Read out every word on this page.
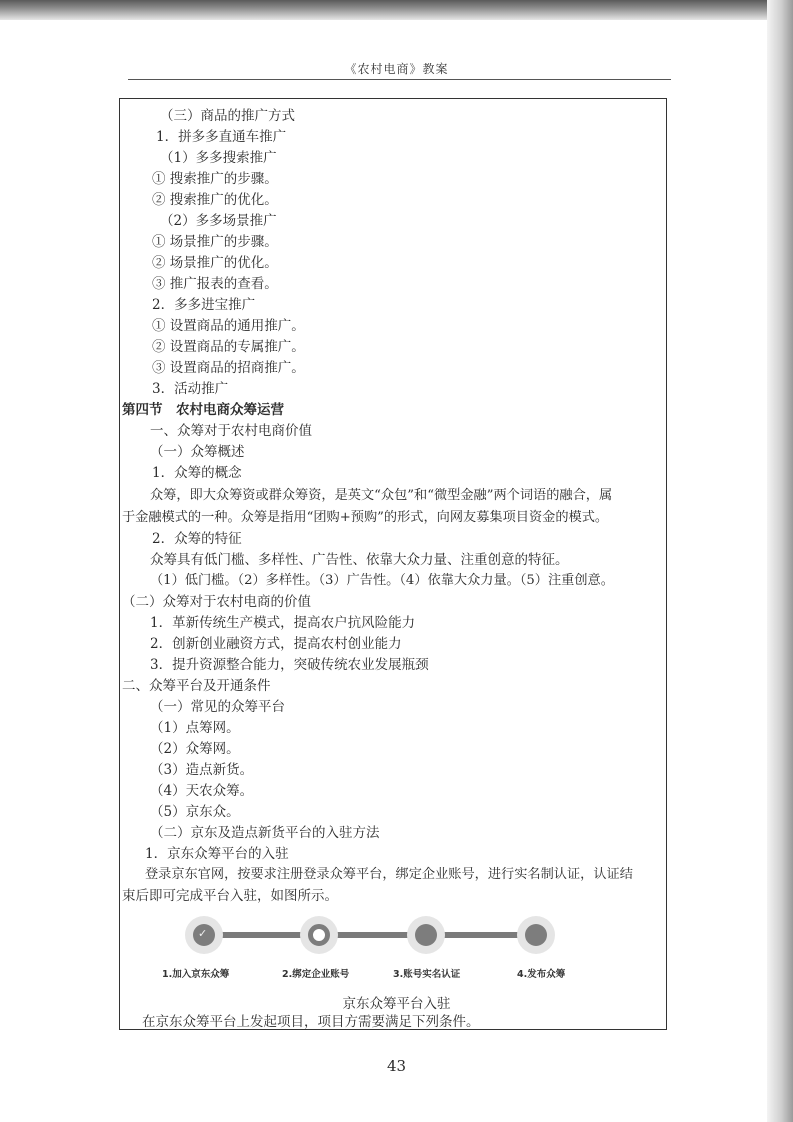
《农村电商》教案
（三）商品的推广方式
1．拼多多直通车推广
（1）多多搜索推广
① 搜索推广的步骤。
② 搜索推广的优化。
（2）多多场景推广
① 场景推广的步骤。
② 场景推广的优化。
③ 推广报表的查看。
2．多多进宝推广
① 设置商品的通用推广。
② 设置商品的专属推广。
③ 设置商品的招商推广。
3．活动推广
第四节　农村电商众筹运营
一、众筹对于农村电商价值
（一）众筹概述
1．众筹的概念
众筹，即大众筹资或群众筹资，是英文“众包”和“微型金融”两个词语的融合，属
于金融模式的一种。众筹是指用“团购+预购”的形式，向网友募集项目资金的模式。
2．众筹的特征
众筹具有低门槛、多样性、广告性、依靠大众力量、注重创意的特征。
（1）低门槛。（2）多样性。（3）广告性。（4）依靠大众力量。（5）注重创意。
（二）众筹对于农村电商的价值
1．革新传统生产模式，提高农户抗风险能力
2．创新创业融资方式，提高农村创业能力
3．提升资源整合能力，突破传统农业发展瓶颈
二、众筹平台及开通条件
（一）常见的众筹平台
（1）点筹网。
（2）众筹网。
（3）造点新货。
（4）天农众筹。
（5）京东众。
（二）京东及造点新货平台的入驻方法
1．京东众筹平台的入驻
登录京东官网，按要求注册登录众筹平台，绑定企业账号，进行实名制认证，认证结
束后即可完成平台入驻，如图所示。
✓
1.加入京东众筹	2.绑定企业账号	3.账号实名认证	4.发布众筹
京东众筹平台入驻
在京东众筹平台上发起项目，项目方需要满足下列条件。
43
